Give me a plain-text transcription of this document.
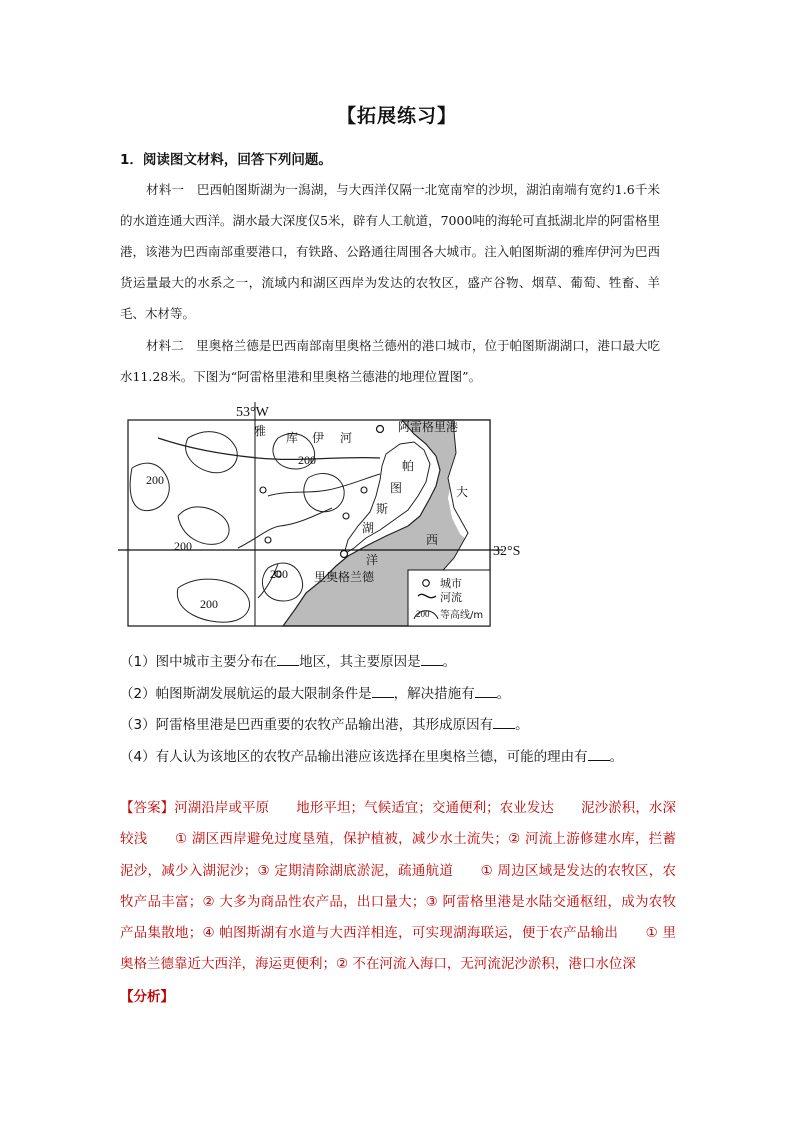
【拓展练习】
1．阅读图文材料，回答下列问题。
材料一　巴西帕图斯湖为一潟湖，与大西洋仅隔一北宽南窄的沙坝，湖泊南端有宽约1.6千米的水道连通大西洋。湖水最大深度仅5米，辟有人工航道，7000吨的海轮可直抵湖北岸的阿雷格里港，该港为巴西南部重要港口，有铁路、公路通往周围各大城市。注入帕图斯湖的雅库伊河为巴西货运量最大的水系之一，流域内和湖区西岸为发达的农牧区，盛产谷物、烟草、葡萄、牲畜、羊毛、木材等。
材料二　里奥格兰德是巴西南部南里奥格兰德州的港口城市，位于帕图斯湖湖口，港口最大吃水11.28米。下图为“阿雷格里港和里奥格兰德港的地理位置图”。
53°W
32°S
雅 库 伊 河
阿雷格里港
帕
图
斯
湖
大
西
洋
里奥格兰德
200
200
200
200
200
城市
河流
200 等高线/m
（1）图中城市主要分布在 地区，其主要原因是 。
（2）帕图斯湖发展航运的最大限制条件是 ，解决措施有 。
（3）阿雷格里港是巴西重要的农牧产品输出港，其形成原因有 。
（4）有人认为该地区的农牧产品输出港应该选择在里奥格兰德，可能的理由有 。
【答案】河湖沿岸或平原　　地形平坦；气候适宜；交通便利；农业发达　　泥沙淤积，水深较浅　　① 湖区西岸避免过度垦殖，保护植被，减少水土流失；② 河流上游修建水库，拦蓄泥沙，减少入湖泥沙；③ 定期清除湖底淤泥，疏通航道　　① 周边区域是发达的农牧区，农牧产品丰富；② 大多为商品性农产品，出口量大；③ 阿雷格里港是水陆交通枢纽，成为农牧产品集散地；④ 帕图斯湖有水道与大西洋相连，可实现湖海联运，便于农产品输出　　① 里奥格兰德靠近大西洋，海运更便利；② 不在河流入海口，无河流泥沙淤积，港口水位深
【分析】
